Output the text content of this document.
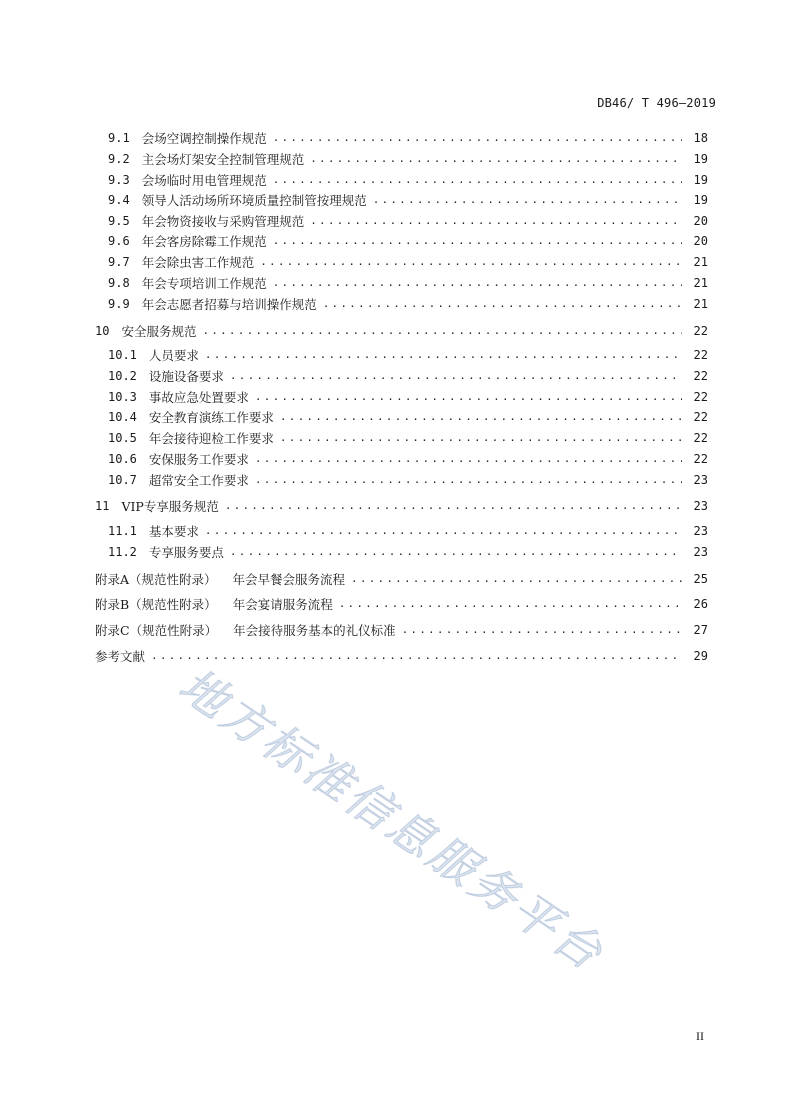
DB46/ T 496—2019
9.1 会场空调控制操作规范 .....	18
9.2 主会场灯架安全控制管理规范 .....	19
9.3 会场临时用电管理规范 .....	19
9.4 领导人活动场所环境质量控制管按理规范 .....	19
9.5 年会物资接收与采购管理规范 .....	20
9.6 年会客房除霉工作规范 .....	20
9.7 年会除虫害工作规范 .....	21
9.8 年会专项培训工作规范 .....	21
9.9 年会志愿者招募与培训操作规范 .....	21
10 安全服务规范 .....	22
10.1 人员要求 .....	22
10.2 设施设备要求 .....	22
10.3 事故应急处置要求 .....	22
10.4 安全教育演练工作要求 .....	22
10.5 年会接待迎检工作要求 .....	22
10.6 安保服务工作要求 .....	22
10.7 超常安全工作要求 .....	23
11 VIP专享服务规范 .....	23
11.1 基本要求 .....	23
11.2 专享服务要点 .....	23
附录A（规范性附录） 年会早餐会服务流程 .....	25
附录B（规范性附录） 年会宴请服务流程 .....	26
附录C（规范性附录） 年会接待服务基本的礼仪标准 .....	27
参考文献 .....	29
地方标准信息服务平台
II
